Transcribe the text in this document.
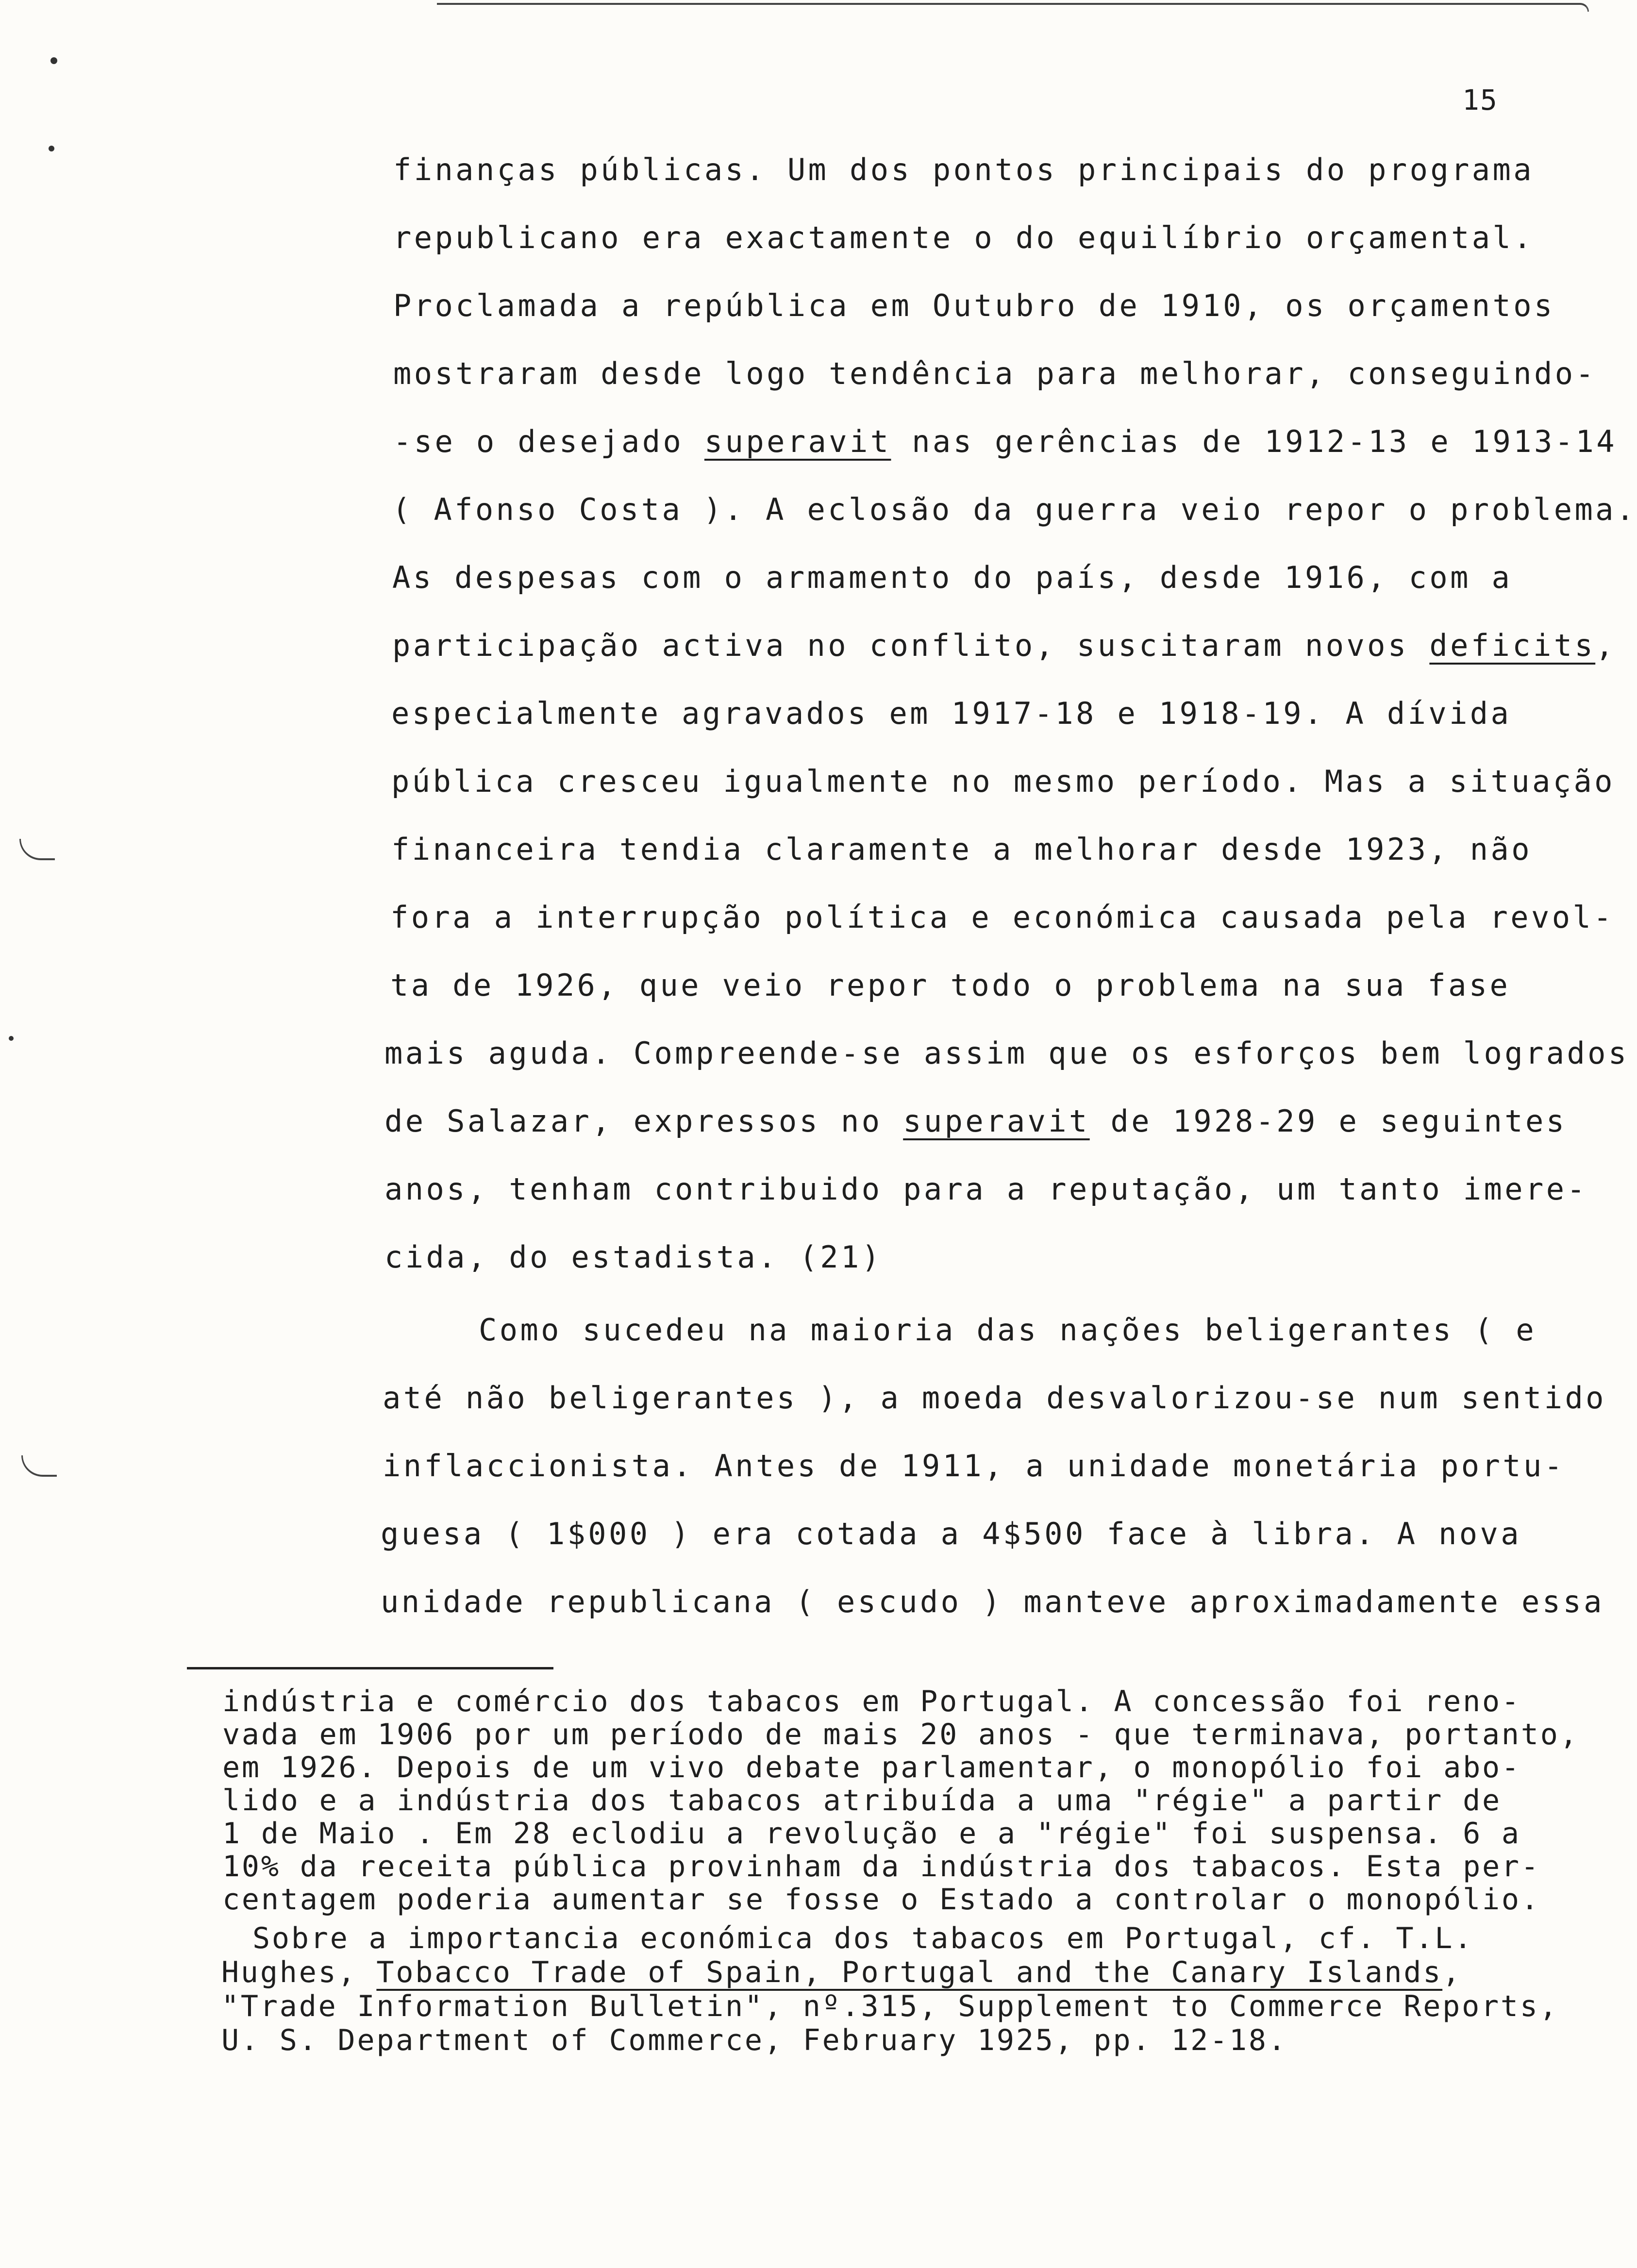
15
finanças públicas. Um dos pontos principais do programa
republicano era exactamente o do equilíbrio orçamental.
Proclamada a república em Outubro de 1910, os orçamentos
mostraram desde logo tendência para melhorar, conseguindo-
-se o desejado superavit nas gerências de 1912-13 e 1913-14
( Afonso Costa ). A eclosão da guerra veio repor o problema.
As despesas com o armamento do país, desde 1916, com a
participação activa no conflito, suscitaram novos deficits,
especialmente agravados em 1917-18 e 1918-19. A dívida
pública cresceu igualmente no mesmo período. Mas a situação
financeira tendia claramente a melhorar desde 1923, não
fora a interrupção política e económica causada pela revol-
ta de 1926, que veio repor todo o problema na sua fase
mais aguda. Compreende-se assim que os esforços bem logrados
de Salazar, expressos no superavit de 1928-29 e seguintes
anos, tenham contribuido para a reputação, um tanto imere-
cida, do estadista. (21)
Como sucedeu na maioria das nações beligerantes ( e
até não beligerantes ), a moeda desvalorizou-se num sentido
inflaccionista. Antes de 1911, a unidade monetária portu-
guesa ( 1$000 ) era cotada a 4$500 face à libra. A nova
unidade republicana ( escudo ) manteve aproximadamente essa
indústria e comércio dos tabacos em Portugal. A concessão foi reno-
vada em 1906 por um período de mais 20 anos - que terminava, portanto,
em 1926. Depois de um vivo debate parlamentar, o monopólio foi abo-
lido e a indústria dos tabacos atribuída a uma "régie" a partir de
1 de Maio . Em 28 eclodiu a revolução e a "régie" foi suspensa. 6 a
10% da receita pública provinham da indústria dos tabacos. Esta per-
centagem poderia aumentar se fosse o Estado a controlar o monopólio.
Sobre a importancia económica dos tabacos em Portugal, cf. T.L.
Hughes, Tobacco Trade of Spain, Portugal and the Canary Islands,
"Trade Information Bulletin", nº.315, Supplement to Commerce Reports,
U. S. Department of Commerce, February 1925, pp. 12-18.
